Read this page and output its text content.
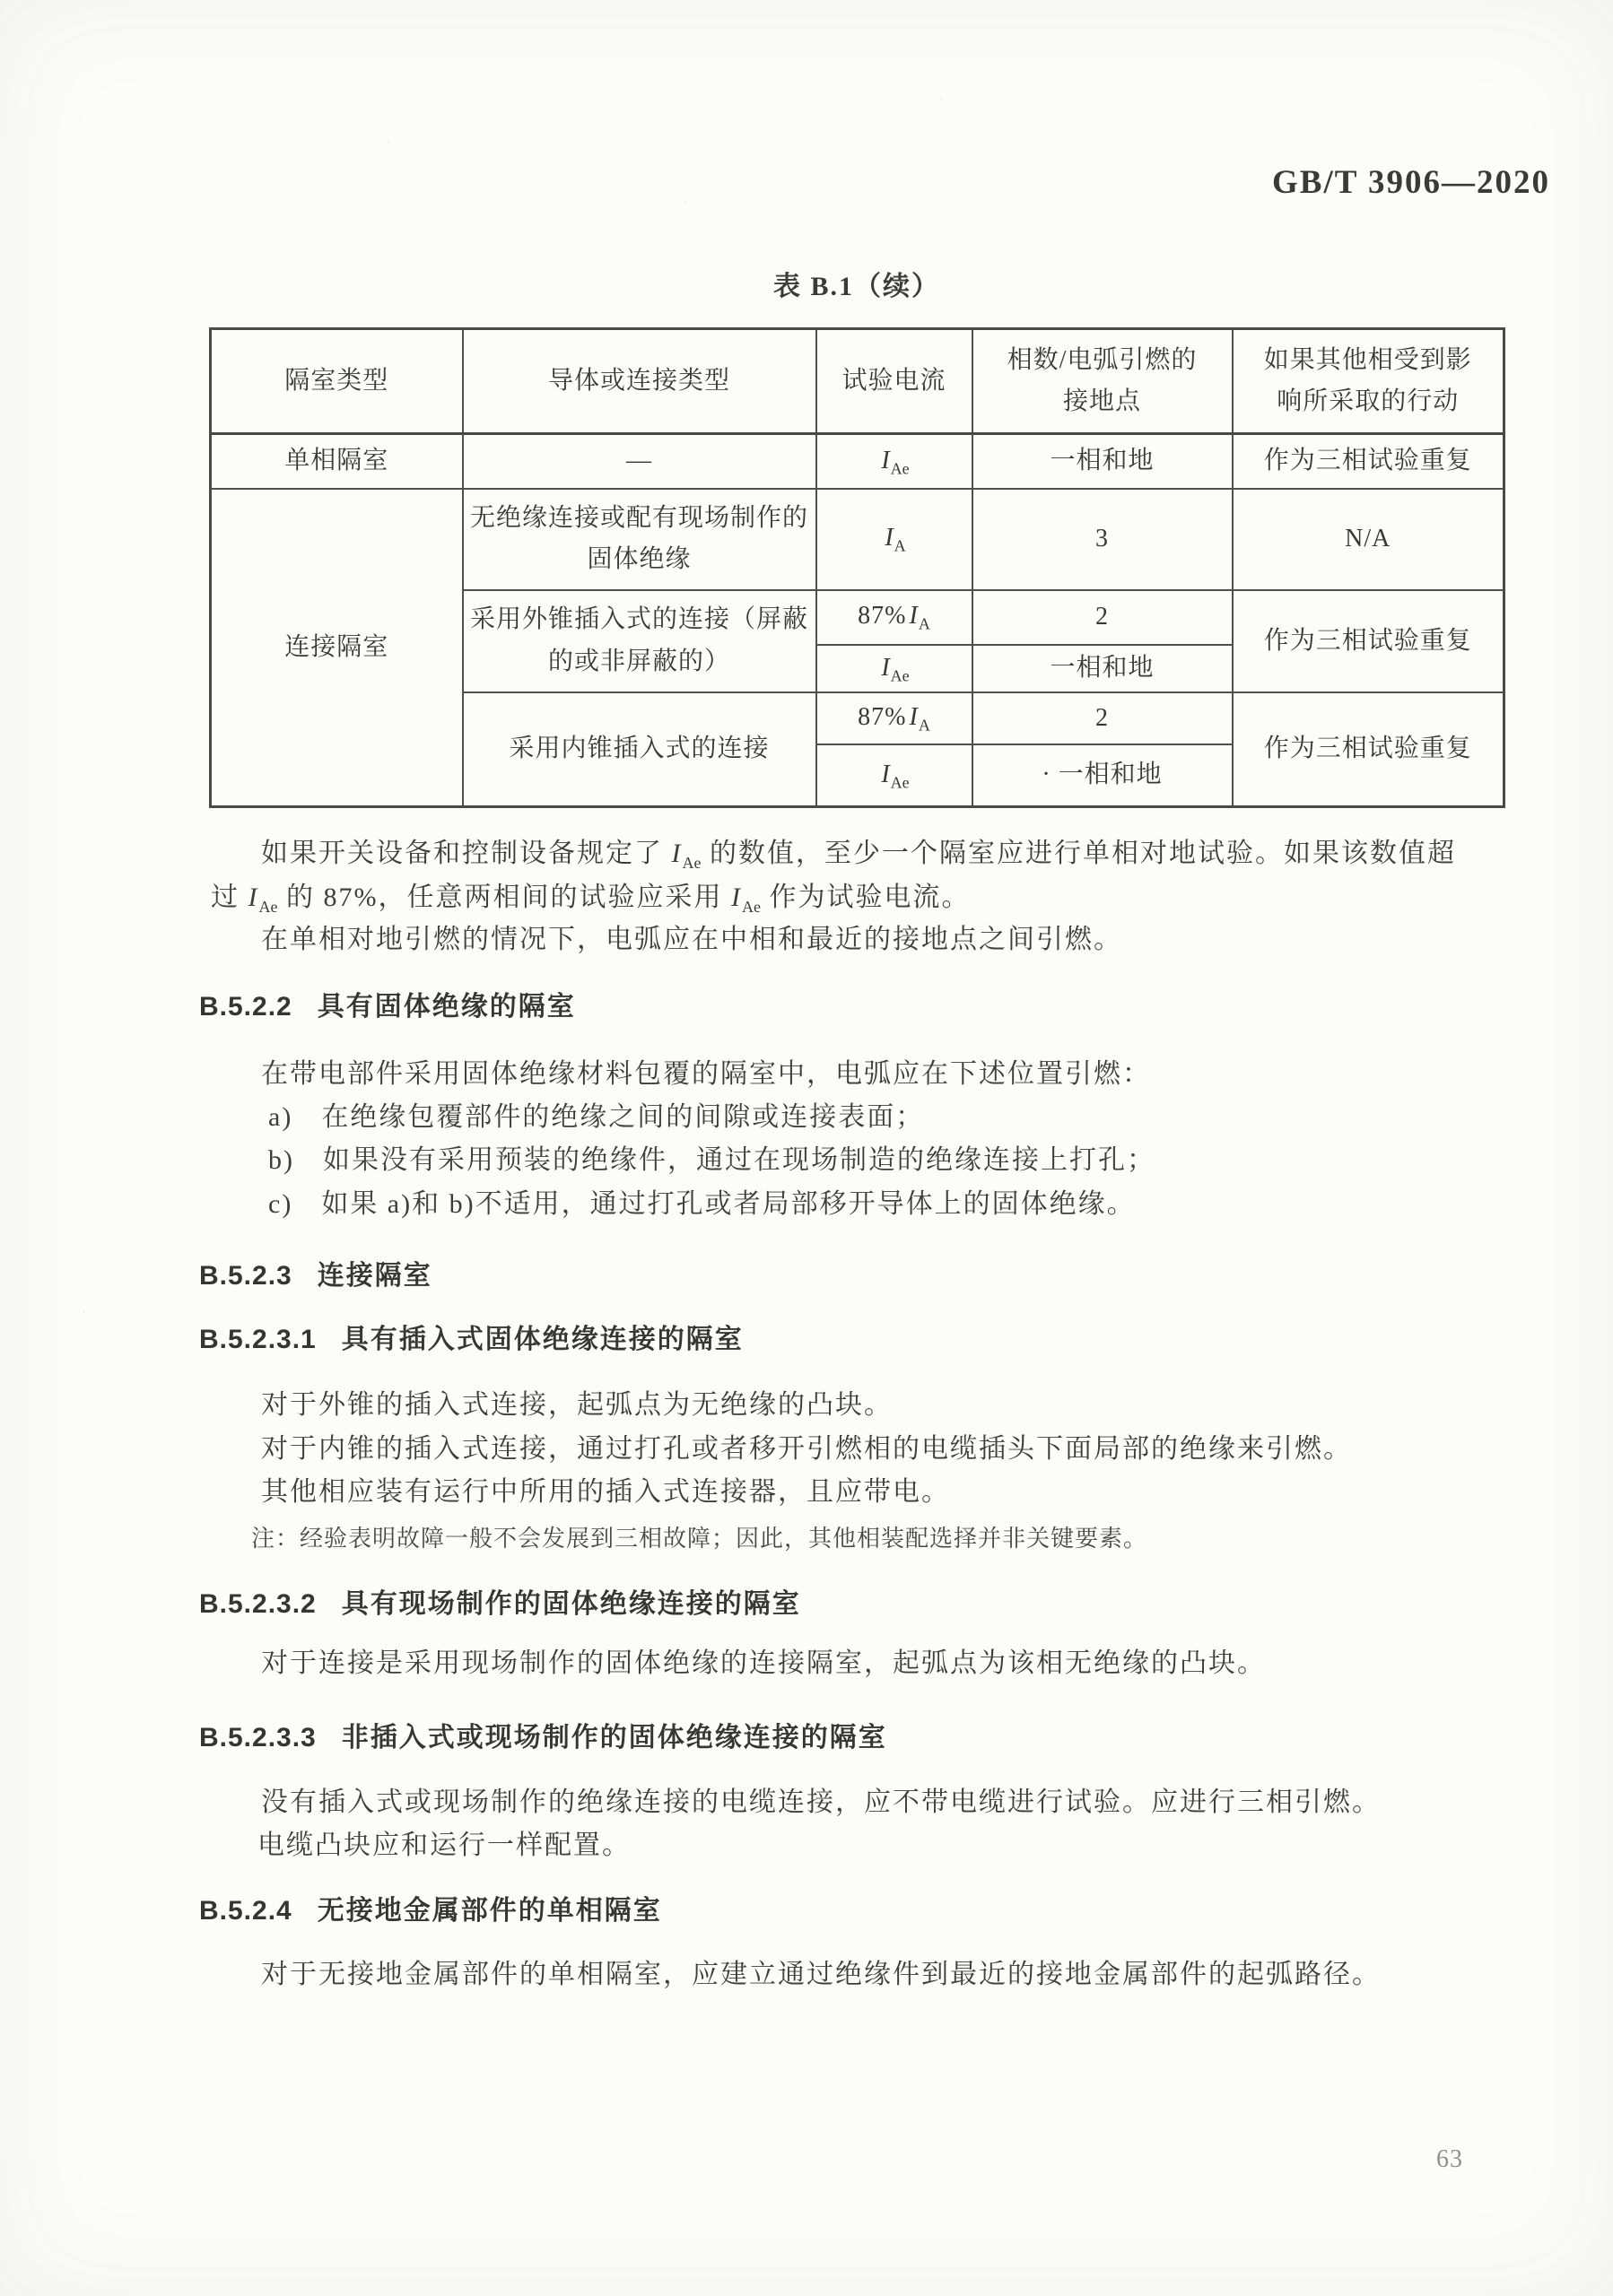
GB/T 3906—2020
表 B.1（续）
隔室类型	导体或连接类型	试验电流	相数/电弧引燃的接地点	如果其他相受到影响所采取的行动
单相隔室	—	$I_{Ae}$	一相和地	作为三相试验重复
连接隔室	无绝缘连接或配有现场制作的固体绝缘	$I_A$	3	N/A
	采用外锥插入式的连接（屏蔽的或非屏蔽的）	87% $I_A$	2	作为三相试验重复
		$I_{Ae}$	一相和地	
	采用内锥插入式的连接	87% $I_A$	2	作为三相试验重复
		$I_{Ae}$	· 一相和地	
如果开关设备和控制设备规定了 $I_{Ae}$ 的数值，至少一个隔室应进行单相对地试验。如果该数值超
过 $I_{Ae}$ 的 87%，任意两相间的试验应采用 $I_{Ae}$ 作为试验电流。
在单相对地引燃的情况下，电弧应在中相和最近的接地点之间引燃。
B.5.2.2 具有固体绝缘的隔室
在带电部件采用固体绝缘材料包覆的隔室中，电弧应在下述位置引燃：
a) 在绝缘包覆部件的绝缘之间的间隙或连接表面；
b) 如果没有采用预装的绝缘件，通过在现场制造的绝缘连接上打孔；
c) 如果 a)和 b)不适用，通过打孔或者局部移开导体上的固体绝缘。
B.5.2.3 连接隔室
B.5.2.3.1 具有插入式固体绝缘连接的隔室
对于外锥的插入式连接，起弧点为无绝缘的凸块。
对于内锥的插入式连接，通过打孔或者移开引燃相的电缆插头下面局部的绝缘来引燃。
其他相应装有运行中所用的插入式连接器，且应带电。
注：经验表明故障一般不会发展到三相故障；因此，其他相装配选择并非关键要素。
B.5.2.3.2 具有现场制作的固体绝缘连接的隔室
对于连接是采用现场制作的固体绝缘的连接隔室，起弧点为该相无绝缘的凸块。
B.5.2.3.3 非插入式或现场制作的固体绝缘连接的隔室
没有插入式或现场制作的绝缘连接的电缆连接，应不带电缆进行试验。应进行三相引燃。
电缆凸块应和运行一样配置。
B.5.2.4 无接地金属部件的单相隔室
对于无接地金属部件的单相隔室，应建立通过绝缘件到最近的接地金属部件的起弧路径。
63
·
·
·
·
